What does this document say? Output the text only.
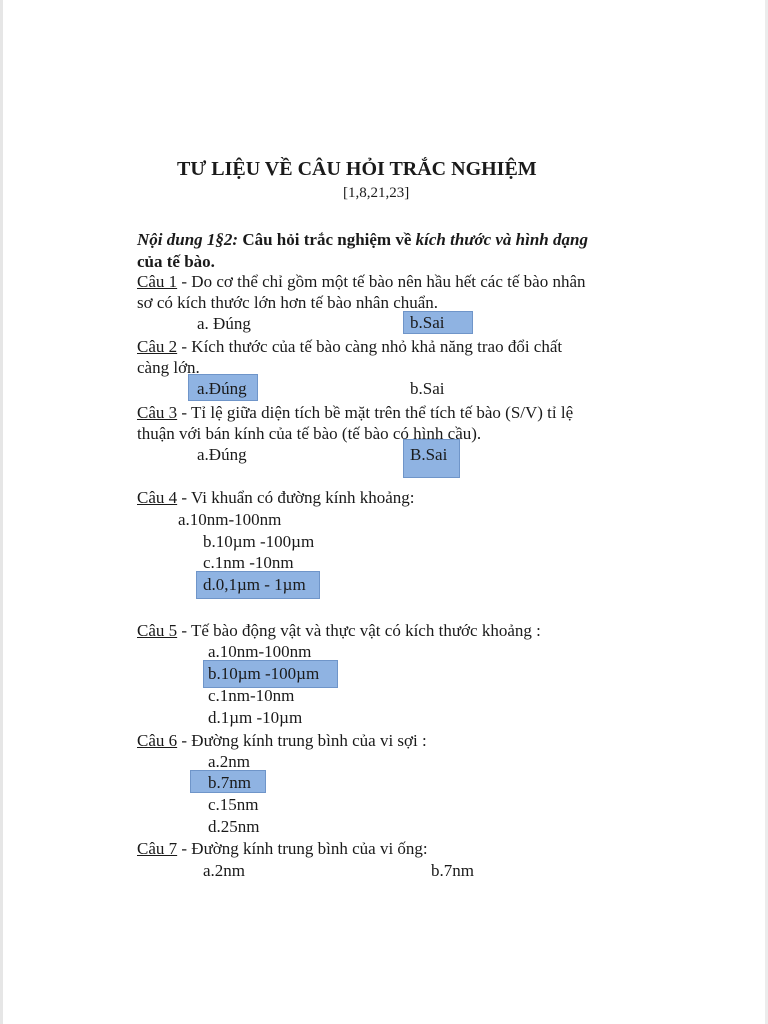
TƯ LIỆU VỀ CÂU HỎI TRẮC NGHIỆM
[1,8,21,23]
Nội dung 1§2: Câu hỏi trắc nghiệm về kích thước và hình dạng
của tế bào.
Câu 1 - Do cơ thể chỉ gồm một tế bào nên hầu hết các tế bào nhân
sơ có kích thước lớn hơn tế bào nhân chuẩn.
a. Đúng	b.Sai
Câu 2 - Kích thước của tế bào càng nhỏ khả năng trao đổi chất
càng lớn.
a.Đúng	b.Sai
Câu 3 - Tỉ lệ giữa diện tích bề mặt trên thể tích tế bào (S/V) tỉ lệ
thuận với bán kính của tế bào (tế bào có hình cầu).
a.Đúng	B.Sai
Câu 4 - Vi khuẩn có đường kính khoảng:
a.10nm-100nm
b.10µm -100µm
c.1nm -10nm
d.0,1µm - 1µm
Câu 5 - Tế bào động vật và thực vật có kích thước khoảng :
a.10nm-100nm
b.10µm -100µm
c.1nm-10nm
d.1µm -10µm
Câu 6 - Đường kính trung bình của vi sợi :
a.2nm
b.7nm
c.15nm
d.25nm
Câu 7 - Đường kính trung bình của vi ống:
a.2nm	b.7nm
